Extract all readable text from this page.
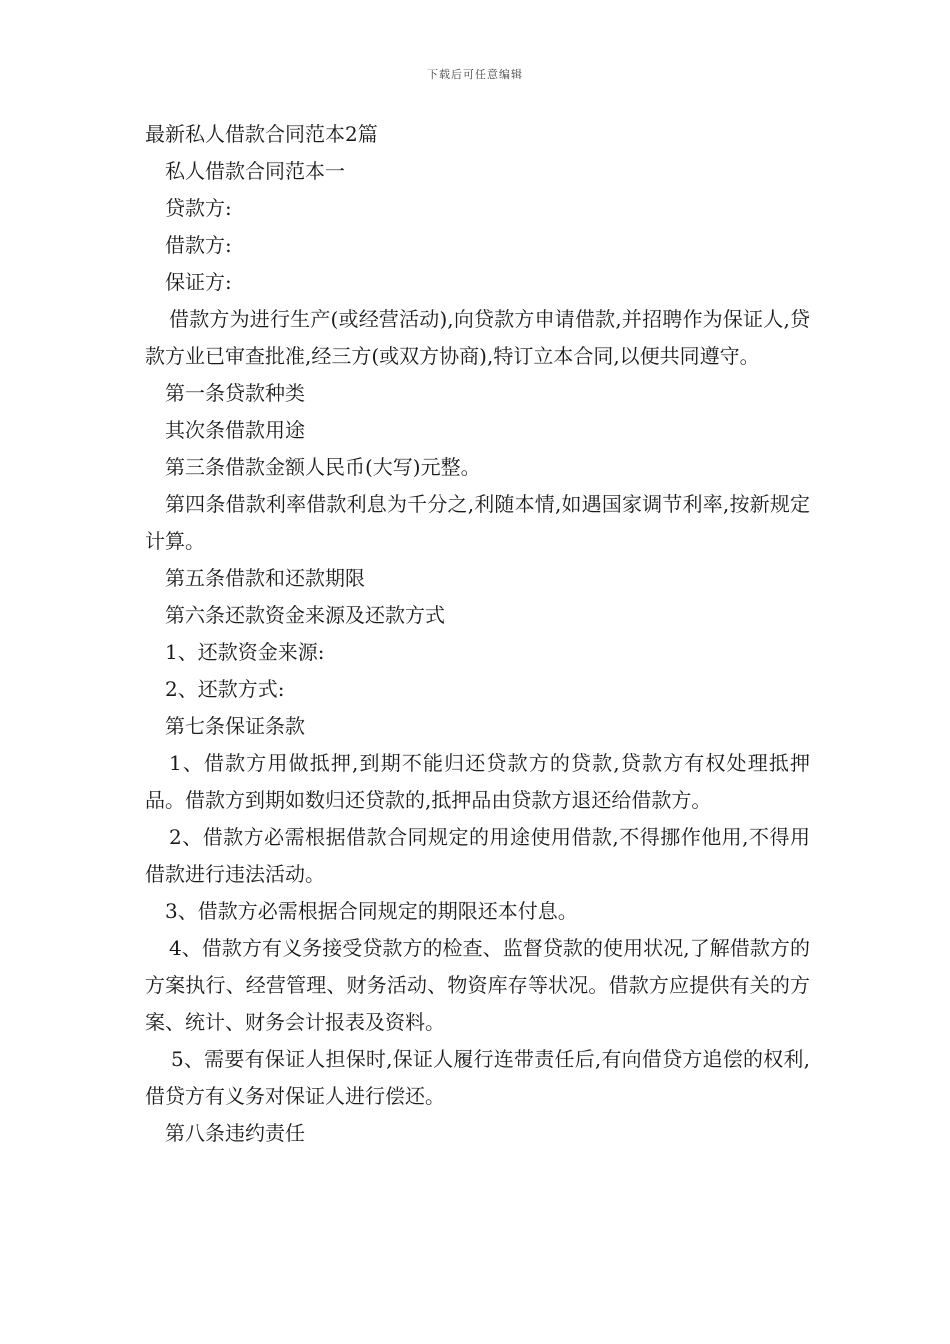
下载后可任意编辑

最新私人借款合同范本2篇

私人借款合同范本一

贷款方:

借款方:

保证方:

借款方为进行生产(或经营活动),向贷款方申请借款,并招聘作为保证人,贷款方业已审查批准,经三方(或双方协商),特订立本合同,以便共同遵守。

第一条贷款种类

其次条借款用途

第三条借款金额人民币(大写)元整。

第四条借款利率借款利息为千分之,利随本情,如遇国家调节利率,按新规定计算。

第五条借款和还款期限

第六条还款资金来源及还款方式

1、还款资金来源:

2、还款方式:

第七条保证条款

1、借款方用做抵押,到期不能归还贷款方的贷款,贷款方有权处理抵押品。借款方到期如数归还贷款的,抵押品由贷款方退还给借款方。

2、借款方必需根据借款合同规定的用途使用借款,不得挪作他用,不得用借款进行违法活动。

3、借款方必需根据合同规定的期限还本付息。

4、借款方有义务接受贷款方的检查、监督贷款的使用状况,了解借款方的方案执行、经营管理、财务活动、物资库存等状况。借款方应提供有关的方案、统计、财务会计报表及资料。

5、需要有保证人担保时,保证人履行连带责任后,有向借贷方追偿的权利,借贷方有义务对保证人进行偿还。

第八条违约责任
